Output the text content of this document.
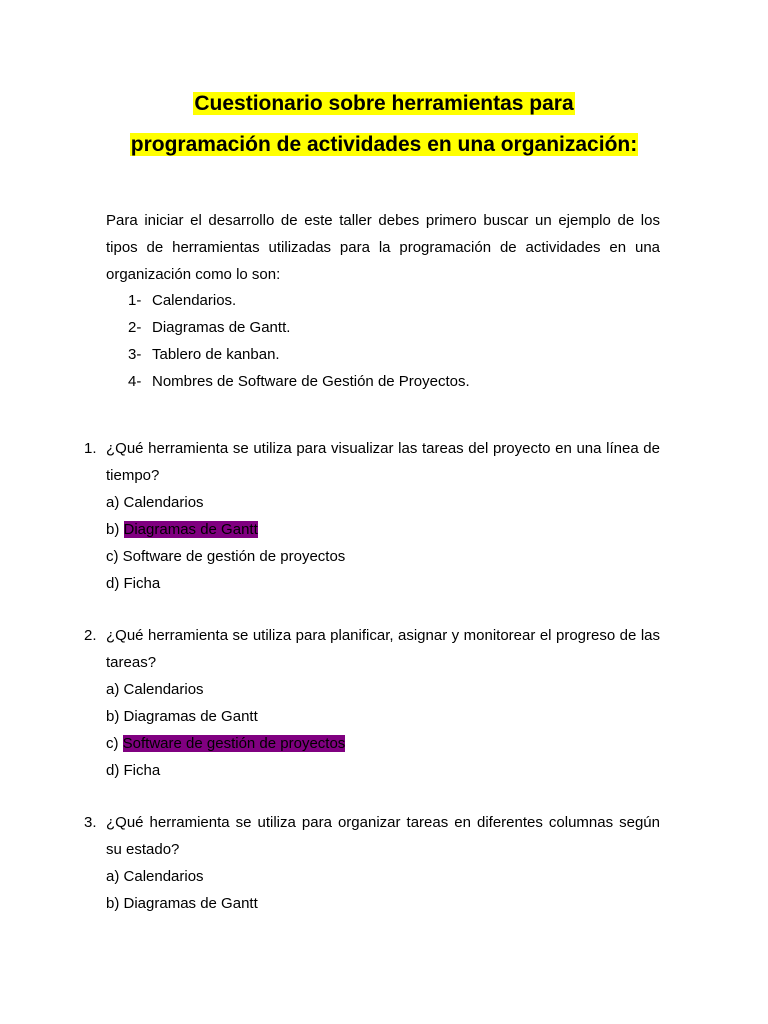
Cuestionario sobre herramientas para
programación de actividades en una organización:
Para iniciar el desarrollo de este taller debes primero buscar un ejemplo de los tipos de herramientas utilizadas para la programación de actividades en una organización como lo son:
1- Calendarios.
2- Diagramas de Gantt.
3- Tablero de kanban.
4- Nombres de Software de Gestión de Proyectos.
1. ¿Qué herramienta se utiliza para visualizar las tareas del proyecto en una línea de tiempo?
a) Calendarios
b) Diagramas de Gantt
c) Software de gestión de proyectos
d) Ficha
2. ¿Qué herramienta se utiliza para planificar, asignar y monitorear el progreso de las tareas?
a) Calendarios
b) Diagramas de Gantt
c) Software de gestión de proyectos
d) Ficha
3. ¿Qué herramienta se utiliza para organizar tareas en diferentes columnas según su estado?
a) Calendarios
b) Diagramas de Gantt
